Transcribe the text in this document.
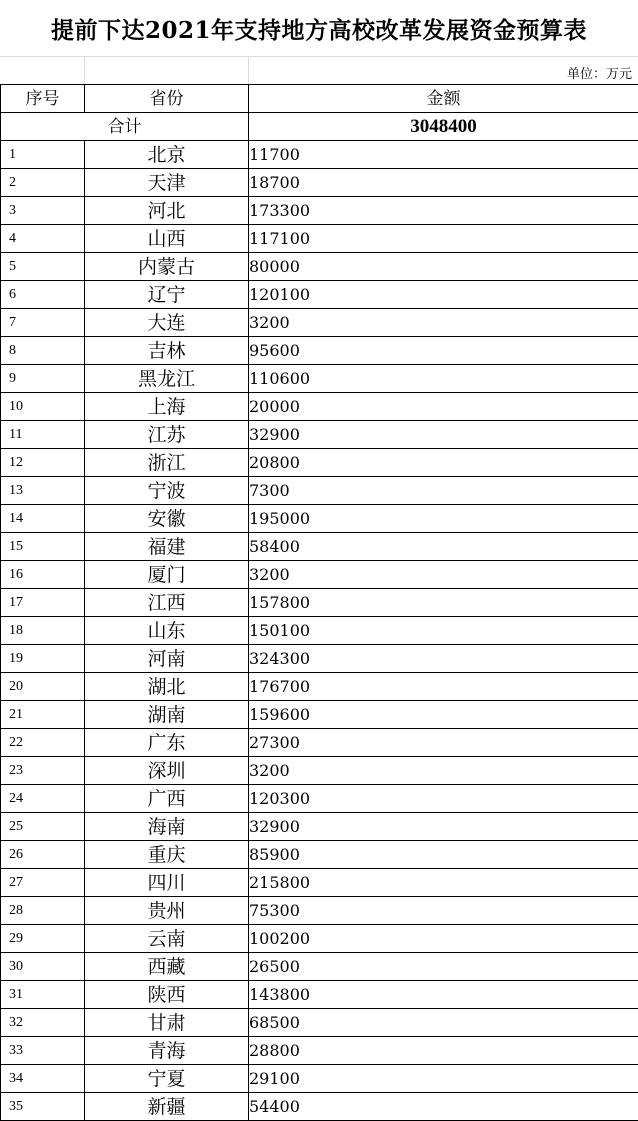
提前下达2021年支持地方高校改革发展资金预算表
单位：万元
序号	省份	金额
合计		3048400
1	北京	11700
2	天津	18700
3	河北	173300
4	山西	117100
5	内蒙古	80000
6	辽宁	120100
7	大连	3200
8	吉林	95600
9	黑龙江	110600
10	上海	20000
11	江苏	32900
12	浙江	20800
13	宁波	7300
14	安徽	195000
15	福建	58400
16	厦门	3200
17	江西	157800
18	山东	150100
19	河南	324300
20	湖北	176700
21	湖南	159600
22	广东	27300
23	深圳	3200
24	广西	120300
25	海南	32900
26	重庆	85900
27	四川	215800
28	贵州	75300
29	云南	100200
30	西藏	26500
31	陕西	143800
32	甘肃	68500
33	青海	28800
34	宁夏	29100
35	新疆	54400
